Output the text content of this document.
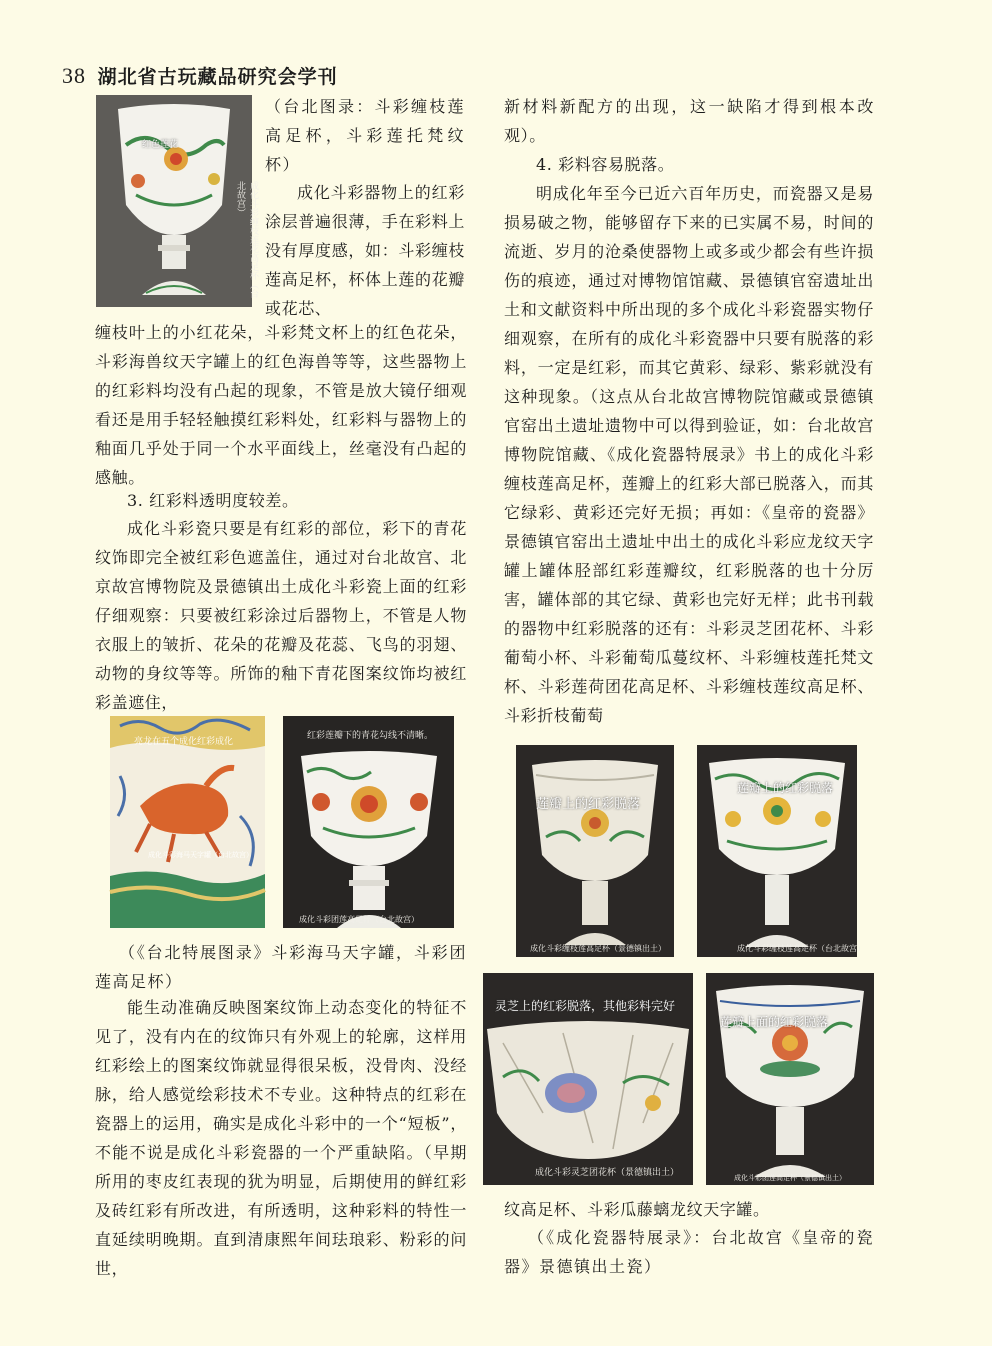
38 湖北省古玩藏品研究会学刊
红色莲花
成化斗彩缠枝莲花高足杯（台北故宫）

（台北图录：斗彩缠枝莲高足杯，斗彩莲托梵纹杯）

成化斗彩器物上的红彩涂层普遍很薄，手在彩料上没有厚度感，如：斗彩缠枝莲高足杯，杯体上莲的花瓣或花芯、

缠枝叶上的小红花朵，斗彩梵文杯上的红色花朵，斗彩海兽纹天字罐上的红色海兽等等，这些器物上的红彩料均没有凸起的现象，不管是放大镜仔细观看还是用手轻轻触摸红彩料处，红彩料与器物上的釉面几乎处于同一个水平面线上，丝毫没有凸起的感触。

3. 红彩料透明度较差。

成化斗彩瓷只要是有红彩的部位，彩下的青花纹饰即完全被红彩色遮盖住，通过对台北故宫、北京故宫博物院及景德镇出土成化斗彩瓷上面的红彩仔细观察：只要被红彩涂过后器物上，不管是人物衣服上的皱折、花朵的花瓣及花蕊、飞鸟的羽翅、动物的身纹等等。所饰的釉下青花图案纹饰均被红彩盖遮住，

亮龙在五个成化红彩成化
成化斗彩海马天字罐（台北故宫）
红彩莲瓣下的青花勾线不清晰。
成化斗彩团莲高足杯（台北故宫）

（《台北特展图录》斗彩海马天字罐，斗彩团莲高足杯）

能生动准确反映图案纹饰上动态变化的特征不见了，没有内在的纹饰只有外观上的轮廓，这样用红彩绘上的图案纹饰就显得很呆板，没骨肉、没经脉，给人感觉绘彩技术不专业。这种特点的红彩在瓷器上的运用，确实是成化斗彩中的一个“短板”，不能不说是成化斗彩瓷器的一个严重缺陷。（早期所用的枣皮红表现的犹为明显，后期使用的鲜红彩及砖红彩有所改进，有所透明，这种彩料的特性一直延续明晚期。直到清康熙年间珐琅彩、粉彩的问世，

新材料新配方的出现，这一缺陷才得到根本改观）。

4. 彩料容易脱落。

明成化年至今已近六百年历史，而瓷器又是易损易破之物，能够留存下来的已实属不易，时间的流逝、岁月的沧桑使器物上或多或少都会有些许损伤的痕迹，通过对博物馆馆藏、景德镇官窑遗址出土和文献资料中所出现的多个成化斗彩瓷器实物仔细观察，在所有的成化斗彩瓷器中只要有脱落的彩料，一定是红彩，而其它黄彩、绿彩、紫彩就没有这种现象。（这点从台北故宫博物院馆藏或景德镇官窑出土遗址遗物中可以得到验证，如：台北故宫博物院馆藏、《成化瓷器特展录》书上的成化斗彩缠枝莲高足杯，莲瓣上的红彩大部已脱落入，而其它绿彩、黄彩还完好无损；再如：《皇帝的瓷器》景德镇官窑出土遗址中出土的成化斗彩应龙纹天字罐上罐体胫部红彩莲瓣纹，红彩脱落的也十分厉害，罐体部的其它绿、黄彩也完好无样；此书刊载的器物中红彩脱落的还有：斗彩灵芝团花杯、斗彩葡萄小杯、斗彩葡萄瓜蔓纹杯、斗彩缠枝莲托梵文杯、斗彩莲荷团花高足杯、斗彩缠枝莲纹高足杯、斗彩折枝葡萄

莲瓣上的红彩脱落
成化斗彩缠枝莲高足杯（景德镇出土）
莲瓣上的红彩脱落
成化斗彩缠枝莲高足杯（台北故宫）
灵芝上的红彩脱落，其他彩料完好
成化斗彩灵芝团花杯（景德镇出土）
莲瓣上面的红彩脱落
成化斗彩团莲高足杯（景德镇出土）

纹高足杯、斗彩瓜藤螭龙纹天字罐。

（《成化瓷器特展录》：台北故宫《皇帝的瓷器》景德镇出土瓷）
